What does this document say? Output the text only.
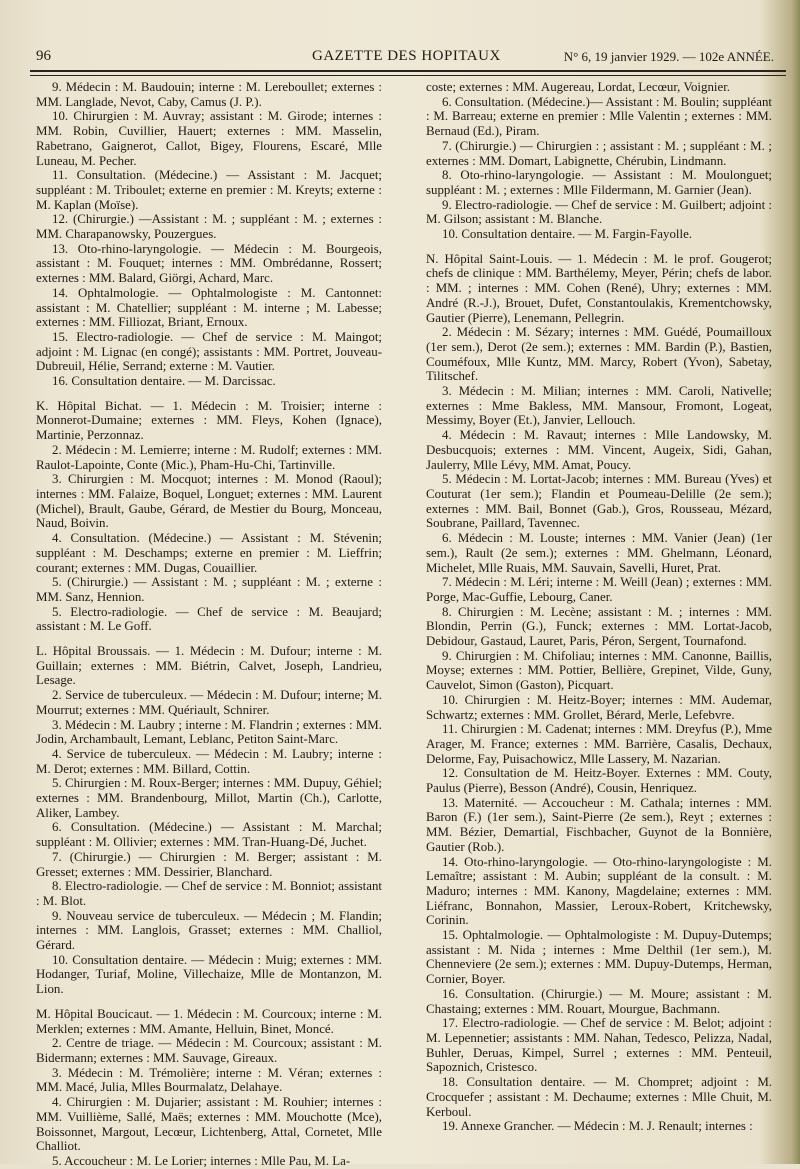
96	GAZETTE DES HOPITAUX	N° 6, 19 janvier 1929. — 102e ANNÉE.

9. Médecin : M. Baudouin; interne : M. Lereboullet; externes : MM. Langlade, Nevot, Caby, Camus (J. P.).

10. Chirurgien : M. Auvray; assistant : M. Girode; internes : MM. Robin, Cuvillier, Hauert; externes : MM. Masselin, Rabetrano, Gaignerot, Callot, Bigey, Flourens, Escaré, Mlle Luneau, M. Pecher.

11. Consultation. (Médecine.) — Assistant : M. Jacquet; suppléant : M. Triboulet; externe en premier : M. Kreyts; externe : M. Kaplan (Moïse).

12. (Chirurgie.) —Assistant : M. ; suppléant : M. ; externes : MM. Charapanowsky, Pouzergues.

13. Oto-rhino-laryngologie. — Médecin : M. Bourgeois, assistant : M. Fouquet; internes : MM. Ombrédanne, Rossert; externes : MM. Balard, Giörgi, Achard, Marc.

14. Ophtalmologie. — Ophtalmologiste : M. Cantonnet: assistant : M. Chatellier; suppléant : M. interne ; M. Labesse; externes : MM. Filliozat, Briant, Ernoux.

15. Electro-radiologie. — Chef de service : M. Maingot; adjoint : M. Lignac (en congé); assistants : MM. Portret, Jouveau-Dubreuil, Hélie, Serrand; externe : M. Vautier.

16. Consultation dentaire. — M. Darcissac.

K. Hôpital Bichat. — 1. Médecin : M. Troisier; interne : Monnerot-Dumaine; externes : MM. Fleys, Kohen (Ignace), Martinie, Perzonnaz.

2. Médecin : M. Lemierre; interne : M. Rudolf; externes : MM. Raulot-Lapointe, Conte (Mic.), Pham-Hu-Chi, Tartinville.

3. Chirurgien : M. Mocquot; internes : M. Monod (Raoul); internes : MM. Falaize, Boquel, Longuet; externes : MM. Laurent (Michel), Brault, Gaube, Gérard, de Mestier du Bourg, Monceau, Naud, Boivin.

4. Consultation. (Médecine.) — Assistant : M. Stévenin; suppléant : M. Deschamps; externe en premier : M. Lieffrin; courant; externes : MM. Dugas, Couaillier.

5. (Chirurgie.) — Assistant : M. ; suppléant : M. ; externe : MM. Sanz, Hennion.

5. Electro-radiologie. — Chef de service : M. Beaujard; assistant : M. Le Goff.

L. Hôpital Broussais. — 1. Médecin : M. Dufour; interne : M. Guillain; externes : MM. Biétrin, Calvet, Joseph, Landrieu, Lesage.

2. Service de tuberculeux. — Médecin : M. Dufour; interne; M. Mourrut; externes : MM. Quériault, Schnirer.

3. Médecin : M. Laubry ; interne : M. Flandrin ; externes : MM. Jodin, Archambault, Lemant, Leblanc, Petiton Saint-Marc.

4. Service de tuberculeux. — Médecin : M. Laubry; interne : M. Derot; externes : MM. Billard, Cottin.

5. Chirurgien : M. Roux-Berger; internes : MM. Dupuy, Géhiel; externes : MM. Brandenbourg, Millot, Martin (Ch.), Carlotte, Aliker, Lambey.

6. Consultation. (Médecine.) — Assistant : M. Marchal; suppléant : M. Ollivier; externes : MM. Tran-Huang-Dé, Juchet.

7. (Chirurgie.) — Chirurgien : M. Berger; assistant : M. Gresset; externes : MM. Dessirier, Blanchard.

8. Electro-radiologie. — Chef de service : M. Bonniot; assistant : M. Blot.

9. Nouveau service de tuberculeux. — Médecin ; M. Flandin; internes : MM. Langlois, Grasset; externes : MM. Challiol, Gérard.

10. Consultation dentaire. — Médecin : Muig; externes : MM. Hodanger, Turiaf, Moline, Villechaize, Mlle de Montanzon, M. Lion.

M. Hôpital Boucicaut. — 1. Médecin : M. Courcoux; interne : M. Merklen; externes : MM. Amante, Helluin, Binet, Moncé.

2. Centre de triage. — Médecin : M. Courcoux; assistant : M. Bidermann; externes : MM. Sauvage, Gireaux.

3. Médecin : M. Trémolière; interne : M. Véran; externes : MM. Macé, Julia, Mlles Bourmalatz, Delahaye.

4. Chirurgien : M. Dujarier; assistant : M. Rouhier; internes : MM. Vuillième, Sallé, Maës; externes : MM. Mouchotte (Mce), Boissonnet, Margout, Lecœur, Lichtenberg, Attal, Cornetet, Mlle Challiot.

5. Accoucheur : M. Le Lorier; internes : Mlle Pau, M. La-

coste; externes : MM. Augereau, Lordat, Lecœur, Voignier.

6. Consultation. (Médecine.)— Assistant : M. Boulin; suppléant : M. Barreau; externe en premier : Mlle Valentin ; externes : MM. Bernaud (Ed.), Piram.

7. (Chirurgie.) — Chirurgien : ; assistant : M. ; suppléant : M. ; externes : MM. Domart, Labignette, Chérubin, Lindmann.

8. Oto-rhino-laryngologie. — Assistant : M. Moulonguet; suppléant : M. ; externes : Mlle Fildermann, M. Garnier (Jean).

9. Electro-radiologie. — Chef de service : M. Guilbert; adjoint : M. Gilson; assistant : M. Blanche.

10. Consultation dentaire. — M. Fargin-Fayolle.

N. Hôpital Saint-Louis. — 1. Médecin : M. le prof. Gougerot; chefs de clinique : MM. Barthélemy, Meyer, Périn; chefs de labor. : MM. ; internes : MM. Cohen (René), Uhry; externes : MM. André (R.-J.), Brouet, Dufet, Constantoulakis, Krementchowsky, Gautier (Pierre), Lenemann, Pellegrin.

2. Médecin : M. Sézary; internes : MM. Guédé, Poumailloux (1er sem.), Derot (2e sem.); externes : MM. Bardin (P.), Bastien, Couméfoux, Mlle Kuntz, MM. Marcy, Robert (Yvon), Sabetay, Tilitschef.

3. Médecin : M. Milian; internes : MM. Caroli, Nativelle; externes : Mme Bakless, MM. Mansour, Fromont, Logeat, Messimy, Boyer (Et.), Janvier, Lellouch.

4. Médecin : M. Ravaut; internes : Mlle Landowsky, M. Desbucquois; externes : MM. Vincent, Augeix, Sidi, Gahan, Jaulerry, Mlle Lévy, MM. Amat, Poucy.

5. Médecin : M. Lortat-Jacob; internes : MM. Bureau (Yves) et Couturat (1er sem.); Flandin et Poumeau-Delille (2e sem.); externes : MM. Bail, Bonnet (Gab.), Gros, Rousseau, Mézard, Soubrane, Paillard, Tavennec.

6. Médecin : M. Louste; internes : MM. Vanier (Jean) (1er sem.), Rault (2e sem.); externes : MM. Ghelmann, Léonard, Michelet, Mlle Ruais, MM. Sauvain, Savelli, Huret, Prat.

7. Médecin : M. Léri; interne : M. Weill (Jean) ; externes : MM. Porge, Mac-Guffie, Lebourg, Caner.

8. Chirurgien : M. Lecène; assistant : M. ; internes : MM. Blondin, Perrin (G.), Funck; externes : MM. Lortat-Jacob, Debidour, Gastaud, Lauret, Paris, Péron, Sergent, Tournafond.

9. Chirurgien : M. Chifoliau; internes : MM. Canonne, Baillis, Moyse; externes : MM. Pottier, Bellière, Grepinet, Vilde, Guny, Cauvelot, Simon (Gaston), Picquart.

10. Chirurgien : M. Heitz-Boyer; internes : MM. Audemar, Schwartz; externes : MM. Grollet, Bérard, Merle, Lefebvre.

11. Chirurgien : M. Cadenat; internes : MM. Dreyfus (P.), Mme Arager, M. France; externes : MM. Barrière, Casalis, Dechaux, Delorme, Fay, Puisachowicz, Mlle Lassery, M. Nazarian.

12. Consultation de M. Heitz-Boyer. Externes : MM. Couty, Paulus (Pierre), Besson (André), Cousin, Henriquez.

13. Maternité. — Accoucheur : M. Cathala; internes : MM. Baron (F.) (1er sem.), Saint-Pierre (2e sem.), Reyt ; externes : MM. Bézier, Demartial, Fischbacher, Guynot de la Bonnière, Gautier (Rob.).

14. Oto-rhino-laryngologie. — Oto-rhino-laryngologiste : M. Lemaître; assistant : M. Aubin; suppléant de la consult. : M. Maduro; internes : MM. Kanony, Magdelaine; externes : MM. Liéfranc, Bonnahon, Massier, Leroux-Robert, Kritchewsky, Corinin.

15. Ophtalmologie. — Ophtalmologiste : M. Dupuy-Dutemps; assistant : M. Nida ; internes : Mme Delthil (1er sem.), M. Chenneviere (2e sem.); externes : MM. Dupuy-Dutemps, Herman, Cornier, Boyer.

16. Consultation. (Chirurgie.) — M. Moure; assistant : M. Chastaing; externes : MM. Rouart, Mourgue, Bachmann.

17. Electro-radiologie. — Chef de service : M. Belot; adjoint : M. Lepennetier; assistants : MM. Nahan, Tedesco, Pelizza, Nadal, Buhler, Deruas, Kimpel, Surrel ; externes : MM. Penteuil, Sapoznich, Cristesco.

18. Consultation dentaire. — M. Chompret; adjoint : M. Crocquefer ; assistant : M. Dechaume; externes : Mlle Chuit, M. Kerboul.

19. Annexe Grancher. — Médecin : M. J. Renault; internes :
